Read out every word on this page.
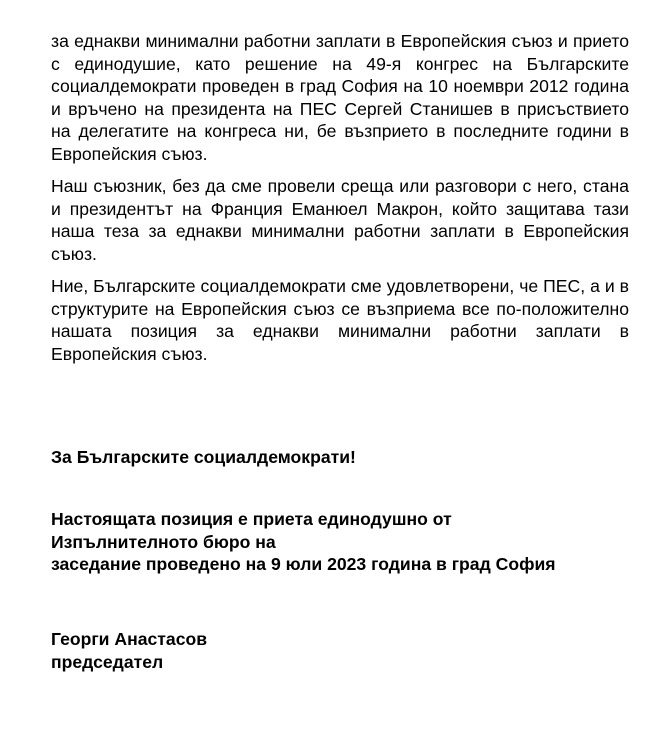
за еднакви минимални работни заплати в Европейския съюз и прието с единодушие, като решение на 49-я конгрес на Българските социалдемократи проведен в град София на 10 ноември 2012 година и връчено на президента на ПЕС Сергей Станишев в присъствието на делегатите на конгреса ни, бе възприето в последните години в Европейския съюз.

Наш съюзник, без да сме провели среща или разговори с него, стана и президентът на Франция Еманюел Макрон, който защитава тази наша теза за еднакви минимални работни заплати в Европейския съюз.

Ние, Българските социалдемократи сме удовлетворени, че ПЕС, а и в структурите на Европейския съюз се възприема все по-положително нашата позиция за еднакви минимални работни заплати в Европейския съюз.

За Българските социалдемократи!

Настоящата позиция е приета единодушно от

Изпълнителното бюро на

заседание проведено на 9 юли 2023 година в град София

Георги Анастасов

председател
